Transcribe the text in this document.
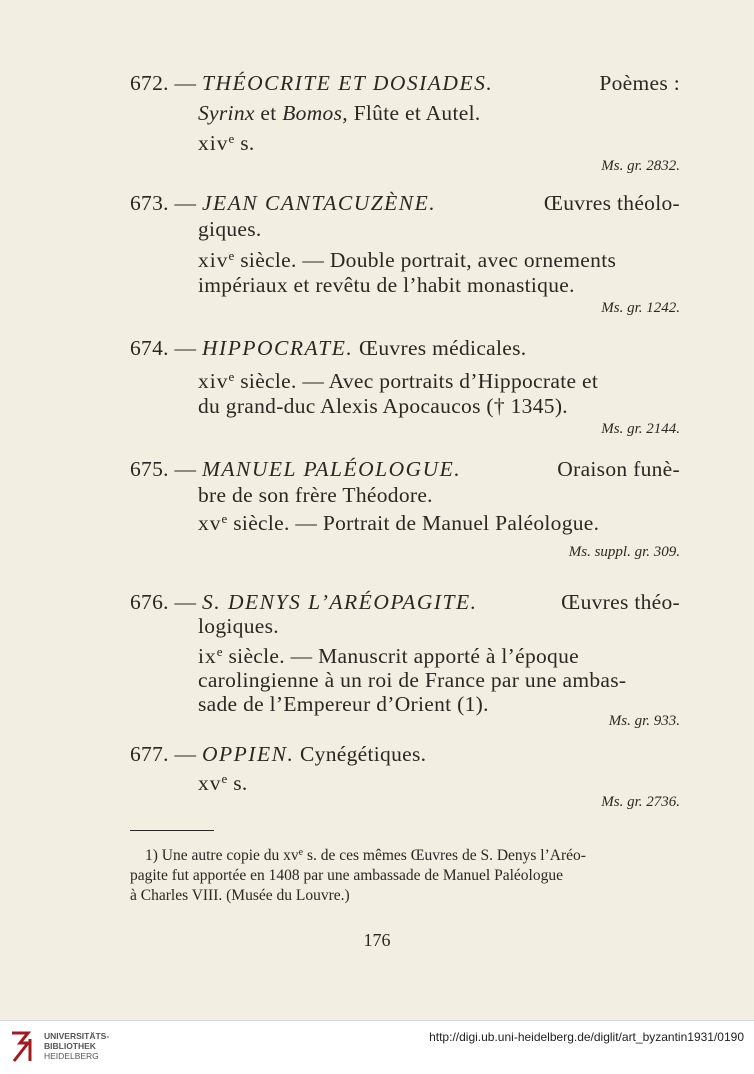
672. — THÉOCRITE ET DOSIADES.	Poèmes :
Syrinx et Bomos, Flûte et Autel.
xiv$^e$ s.
Ms. gr. 2832.
673. — JEAN CANTACUZÈNE.	Œuvres théolo-
giques.
xiv$^e$ siècle. — Double portrait, avec ornements
impériaux et revêtu de l’habit monastique.
Ms. gr. 1242.
674. — HIPPOCRATE. Œuvres médicales.
xiv$^e$ siècle. — Avec portraits d’Hippocrate et
du grand-duc Alexis Apocaucos († 1345).
Ms. gr. 2144.
675. — MANUEL PALÉOLOGUE.	Oraison funè-
bre de son frère Théodore.
$xv^e$ siècle. — Portrait de Manuel Paléologue.
Ms. suppl. gr. 309.
676. — S. DENYS L’ARÉOPAGITE.	Œuvres théo-
logiques.
$ix^e$ siècle. — Manuscrit apporté à l’époque
carolingienne à un roi de France par une ambas-
sade de l’Empereur d’Orient (1).
Ms. gr. 933.
677. — OPPIEN. Cynégétiques.
$xv^e$ s.
Ms. gr. 2736.
1) Une autre copie du $xv^e$ s. de ces mêmes Œuvres de S. Denys l’Aréo-
pagite fut apportée en 1408 par une ambassade de Manuel Paléologue
à Charles VIII. (Musée du Louvre.)
176
UNIVERSITÄTS-
BIBLIOTHEK
HEIDELBERG
http://digi.ub.uni-heidelberg.de/diglit/art_byzantin1931/0190
